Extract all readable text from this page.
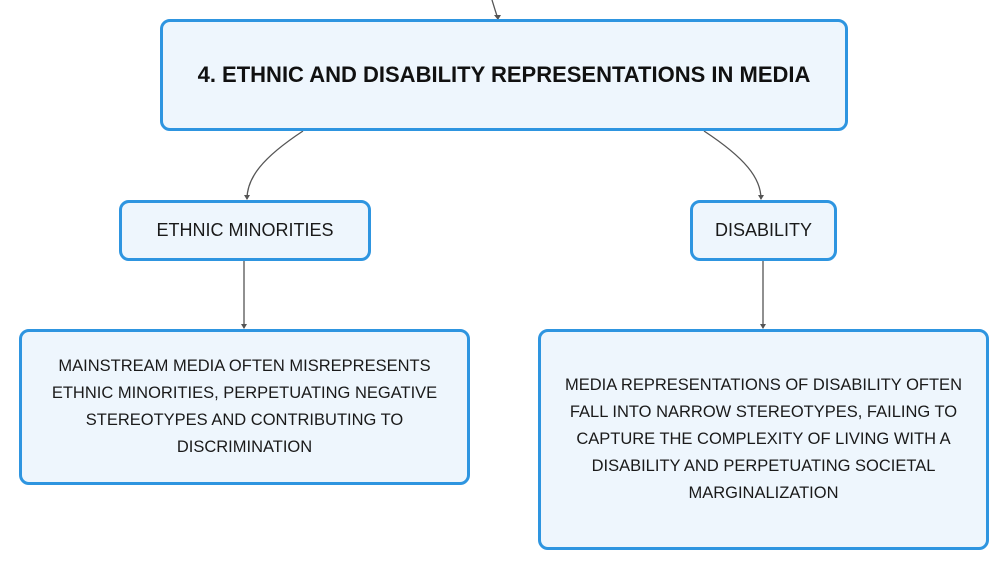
4. ETHNIC AND DISABILITY REPRESENTATIONS IN MEDIA
ETHNIC MINORITIES	DISABILITY
MAINSTREAM MEDIA OFTEN MISREPRESENTS ETHNIC MINORITIES, PERPETUATING NEGATIVE STEREOTYPES AND CONTRIBUTING TO DISCRIMINATION
MEDIA REPRESENTATIONS OF DISABILITY OFTEN FALL INTO NARROW STEREOTYPES, FAILING TO CAPTURE THE COMPLEXITY OF LIVING WITH A DISABILITY AND PERPETUATING SOCIETAL MARGINALIZATION
